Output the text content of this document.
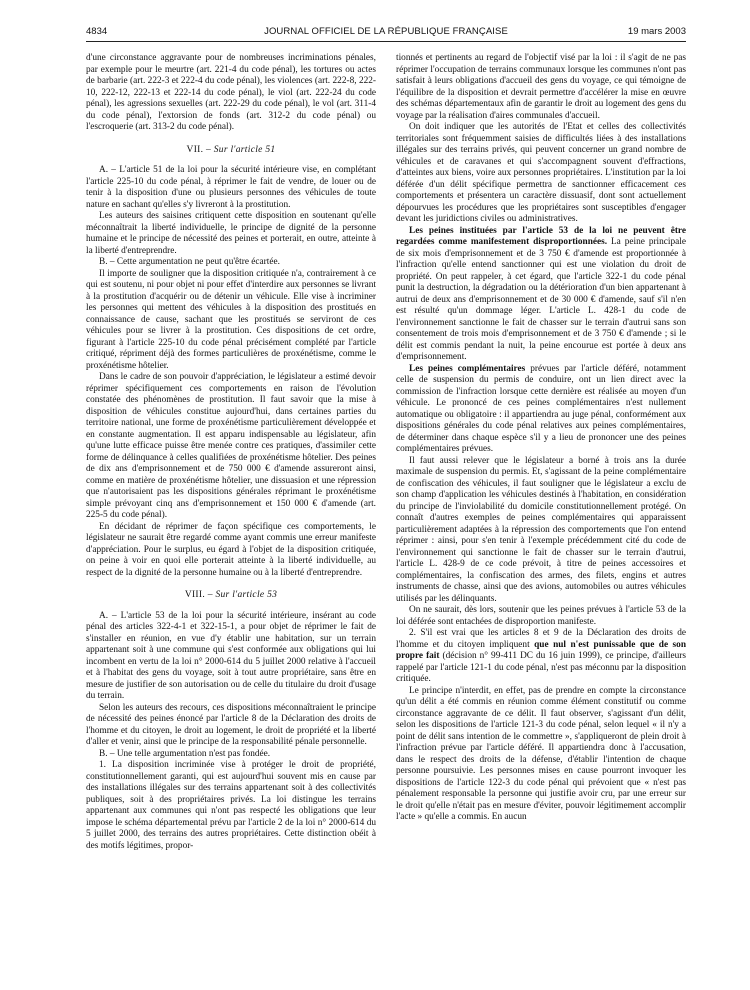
4834	JOURNAL OFFICIEL DE LA RÉPUBLIQUE FRANÇAISE	19 mars 2003

d'une circonstance aggravante pour de nombreuses incriminations pénales, par exemple pour le meurtre (art. 221-4 du code pénal), les tortures ou actes de barbarie (art. 222-3 et 222-4 du code pénal), les violences (art. 222-8, 222-10, 222-12, 222-13 et 222-14 du code pénal), le viol (art. 222-24 du code pénal), les agressions sexuelles (art. 222-29 du code pénal), le vol (art. 311-4 du code pénal), l'extorsion de fonds (art. 312-2 du code pénal) ou l'escroquerie (art. 313-2 du code pénal).

VII. – Sur l'article 51

A. – L'article 51 de la loi pour la sécurité intérieure vise, en complétant l'article 225-10 du code pénal, à réprimer le fait de vendre, de louer ou de tenir à la disposition d'une ou plusieurs personnes des véhicules de toute nature en sachant qu'elles s'y livreront à la prostitution.

Les auteurs des saisines critiquent cette disposition en soutenant qu'elle méconnaîtrait la liberté individuelle, le principe de dignité de la personne humaine et le principe de nécessité des peines et porterait, en outre, atteinte à la liberté d'entreprendre.

B. – Cette argumentation ne peut qu'être écartée.

Il importe de souligner que la disposition critiquée n'a, contrairement à ce qui est soutenu, ni pour objet ni pour effet d'interdire aux personnes se livrant à la prostitution d'acquérir ou de détenir un véhicule. Elle vise à incriminer les personnes qui mettent des véhicules à la disposition des prostitués en connaissance de cause, sachant que les prostitués se serviront de ces véhicules pour se livrer à la prostitution. Ces dispositions de cet ordre, figurant à l'article 225-10 du code pénal précisément complété par l'article critiqué, répriment déjà des formes particulières de proxénétisme, comme le proxénétisme hôtelier.

Dans le cadre de son pouvoir d'appréciation, le législateur a estimé devoir réprimer spécifiquement ces comportements en raison de l'évolution constatée des phénomènes de prostitution. Il faut savoir que la mise à disposition de véhicules constitue aujourd'hui, dans certaines parties du territoire national, une forme de proxénétisme particulièrement développée et en constante augmentation. Il est apparu indispensable au législateur, afin qu'une lutte efficace puisse être menée contre ces pratiques, d'assimiler cette forme de délinquance à celles qualifiées de proxénétisme hôtelier. Des peines de dix ans d'emprisonnement et de 750 000 € d'amende assureront ainsi, comme en matière de proxénétisme hôtelier, une dissuasion et une répression que n'autorisaient pas les dispositions générales réprimant le proxénétisme simple prévoyant cinq ans d'emprisonnement et 150 000 € d'amende (art. 225-5 du code pénal).

En décidant de réprimer de façon spécifique ces comportements, le législateur ne saurait être regardé comme ayant commis une erreur manifeste d'appréciation. Pour le surplus, eu égard à l'objet de la disposition critiquée, on peine à voir en quoi elle porterait atteinte à la liberté individuelle, au respect de la dignité de la personne humaine ou à la liberté d'entreprendre.

VIII. – Sur l'article 53

A. – L'article 53 de la loi pour la sécurité intérieure, insérant au code pénal des articles 322-4-1 et 322-15-1, a pour objet de réprimer le fait de s'installer en réunion, en vue d'y établir une habitation, sur un terrain appartenant soit à une commune qui s'est conformée aux obligations qui lui incombent en vertu de la loi n° 2000-614 du 5 juillet 2000 relative à l'accueil et à l'habitat des gens du voyage, soit à tout autre propriétaire, sans être en mesure de justifier de son autorisation ou de celle du titulaire du droit d'usage du terrain.

Selon les auteurs des recours, ces dispositions méconnaîtraient le principe de nécessité des peines énoncé par l'article 8 de la Déclaration des droits de l'homme et du citoyen, le droit au logement, le droit de propriété et la liberté d'aller et venir, ainsi que le principe de la responsabilité pénale personnelle.

B. – Une telle argumentation n'est pas fondée.

1. La disposition incriminée vise à protéger le droit de propriété, constitutionnellement garanti, qui est aujourd'hui souvent mis en cause par des installations illégales sur des terrains appartenant soit à des collectivités publiques, soit à des propriétaires privés. La loi distingue les terrains appartenant aux communes qui n'ont pas respecté les obligations que leur impose le schéma départemental prévu par l'article 2 de la loi n° 2000-614 du 5 juillet 2000, des terrains des autres propriétaires. Cette distinction obéit à des motifs légitimes, propor-

tionnés et pertinents au regard de l'objectif visé par la loi : il s'agit de ne pas réprimer l'occupation de terrains communaux lorsque les communes n'ont pas satisfait à leurs obligations d'accueil des gens du voyage, ce qui témoigne de l'équilibre de la disposition et devrait permettre d'accélérer la mise en œuvre des schémas départementaux afin de garantir le droit au logement des gens du voyage par la réalisation d'aires communales d'accueil.

On doit indiquer que les autorités de l'Etat et celles des collectivités territoriales sont fréquemment saisies de difficultés liées à des installations illégales sur des terrains privés, qui peuvent concerner un grand nombre de véhicules et de caravanes et qui s'accompagnent souvent d'effractions, d'atteintes aux biens, voire aux personnes propriétaires. L'institution par la loi déférée d'un délit spécifique permettra de sanctionner efficacement ces comportements et présentera un caractère dissuasif, dont sont actuellement dépourvues les procédures que les propriétaires sont susceptibles d'engager devant les juridictions civiles ou administratives.

Les peines instituées par l'article 53 de la loi ne peuvent être regardées comme manifestement disproportionnées. La peine principale de six mois d'emprisonnement et de 3 750 € d'amende est proportionnée à l'infraction qu'elle entend sanctionner qui est une violation du droit de propriété. On peut rappeler, à cet égard, que l'article 322-1 du code pénal punit la destruction, la dégradation ou la détérioration d'un bien appartenant à autrui de deux ans d'emprisonnement et de 30 000 € d'amende, sauf s'il n'en est résulté qu'un dommage léger. L'article L. 428-1 du code de l'environnement sanctionne le fait de chasser sur le terrain d'autrui sans son consentement de trois mois d'emprisonnement et de 3 750 € d'amende ; si le délit est commis pendant la nuit, la peine encourue est portée à deux ans d'emprisonnement.

Les peines complémentaires prévues par l'article déféré, notamment celle de suspension du permis de conduire, ont un lien direct avec la commission de l'infraction lorsque cette dernière est réalisée au moyen d'un véhicule. Le prononcé de ces peines complémentaires n'est nullement automatique ou obligatoire : il appartiendra au juge pénal, conformément aux dispositions générales du code pénal relatives aux peines complémentaires, de déterminer dans chaque espèce s'il y a lieu de prononcer une des peines complémentaires prévues.

Il faut aussi relever que le législateur a borné à trois ans la durée maximale de suspension du permis. Et, s'agissant de la peine complémentaire de confiscation des véhicules, il faut souligner que le législateur a exclu de son champ d'application les véhicules destinés à l'habitation, en considération du principe de l'inviolabilité du domicile constitutionnellement protégé. On connaît d'autres exemples de peines complémentaires qui apparaissent particulièrement adaptées à la répression des comportements que l'on entend réprimer : ainsi, pour s'en tenir à l'exemple précédemment cité du code de l'environnement qui sanctionne le fait de chasser sur le terrain d'autrui, l'article L. 428-9 de ce code prévoit, à titre de peines accessoires et complémentaires, la confiscation des armes, des filets, engins et autres instruments de chasse, ainsi que des avions, automobiles ou autres véhicules utilisés par les délinquants.

On ne saurait, dès lors, soutenir que les peines prévues à l'article 53 de la loi déférée sont entachées de disproportion manifeste.

2. S'il est vrai que les articles 8 et 9 de la Déclaration des droits de l'homme et du citoyen impliquent que nul n'est punissable que de son propre fait (décision n° 99-411 DC du 16 juin 1999), ce principe, d'ailleurs rappelé par l'article 121-1 du code pénal, n'est pas méconnu par la disposition critiquée.

Le principe n'interdit, en effet, pas de prendre en compte la circonstance qu'un délit a été commis en réunion comme élément constitutif ou comme circonstance aggravante de ce délit. Il faut observer, s'agissant d'un délit, selon les dispositions de l'article 121-3 du code pénal, selon lequel « il n'y a point de délit sans intention de le commettre », s'appliqueront de plein droit à l'infraction prévue par l'article déféré. Il appartiendra donc à l'accusation, dans le respect des droits de la défense, d'établir l'intention de chaque personne poursuivie. Les personnes mises en cause pourront invoquer les dispositions de l'article 122-3 du code pénal qui prévoient que « n'est pas pénalement responsable la personne qui justifie avoir cru, par une erreur sur le droit qu'elle n'était pas en mesure d'éviter, pouvoir légitimement accomplir l'acte » qu'elle a commis. En aucun
